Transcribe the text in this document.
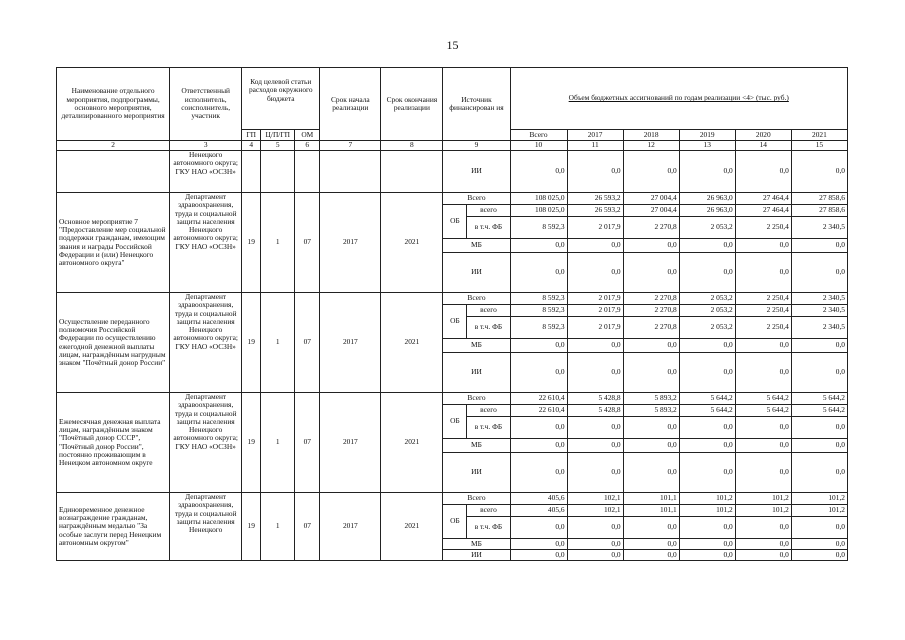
15
Наименование отдельного мероприятия, подпрограммы, основного мероприятия, детализированного мероприятия	Ответственный исполнитель, соисполнитель, участник	Код целевой статьи расходов окружного бюджета			Срок начала реализации	Срок окончания реализации	Источник финансирован ия		Объем бюджетных ассигнований по годам реализации <4> (тыс. руб.)					
		ГП	Ц/П/ГП	ОМ					Всего	2017	2018	2019	2020	2021
2	3	4	5	6	7	8	9		10	11	12	13	14	15
	Ненецкого автономного округа; ГКУ НАО «ОСЗН»						ИИ		0,0	0,0	0,0	0,0	0,0	0,0
Основное мероприятие 7 "Предоставление мер социальной поддержки гражданам, имеющим звания и награды Российской Федерации и (или) Ненецкого автономного округа"	Департамент здравоохранения, труда и социальной защиты населения Ненецкого автономного округа; ГКУ НАО «ОСЗН»	19	1	07	2017	2021	Всего		108 025,0	26 593,2	27 004,4	26 963,0	27 464,4	27 858,6
							ОБ	всего	108 025,0	26 593,2	27 004,4	26 963,0	27 464,4	27 858,6
								в т.ч. ФБ	8 592,3	2 017,9	2 270,8	2 053,2	2 250,4	2 340,5
							МБ		0,0	0,0	0,0	0,0	0,0	0,0
							ИИ		0,0	0,0	0,0	0,0	0,0	0,0
Осуществление переданного полномочия Российской Федерации по осуществлению ежегодной денежной выплаты лицам, награждённым нагрудным знаком "Почётный донор России"	Департамент здравоохранения, труда и социальной защиты населения Ненецкого автономного округа; ГКУ НАО «ОСЗН»	19	1	07	2017	2021	Всего		8 592,3	2 017,9	2 270,8	2 053,2	2 250,4	2 340,5
							ОБ	всего	8 592,3	2 017,9	2 270,8	2 053,2	2 250,4	2 340,5
								в т.ч. ФБ	8 592,3	2 017,9	2 270,8	2 053,2	2 250,4	2 340,5
							МБ		0,0	0,0	0,0	0,0	0,0	0,0
							ИИ		0,0	0,0	0,0	0,0	0,0	0,0
Ежемесячная денежная выплата лицам, награждённым знаком "Почётный донор СССР", "Почётный донор России", постоянно проживающим в Ненецком автономном округе	Департамент здравоохранения, труда и социальной защиты населения Ненецкого автономного округа; ГКУ НАО «ОСЗН»	19	1	07	2017	2021	Всего		22 610,4	5 428,8	5 893,2	5 644,2	5 644,2	5 644,2
							ОБ	всего	22 610,4	5 428,8	5 893,2	5 644,2	5 644,2	5 644,2
								в т.ч. ФБ	0,0	0,0	0,0	0,0	0,0	0,0
							МБ		0,0	0,0	0,0	0,0	0,0	0,0
							ИИ		0,0	0,0	0,0	0,0	0,0	0,0
Единовременное денежное вознаграждение гражданам, награждённым медалью "За особые заслуги перед Ненецким автономным округом"	Департамент здравоохранения, труда и социальной защиты населения Ненецкого	19	1	07	2017	2021	Всего		405,6	102,1	101,1	101,2	101,2	101,2
							ОБ	всего	405,6	102,1	101,1	101,2	101,2	101,2
								в т.ч. ФБ	0,0	0,0	0,0	0,0	0,0	0,0
							МБ		0,0	0,0	0,0	0,0	0,0	0,0
							ИИ		0,0	0,0	0,0	0,0	0,0	0,0
